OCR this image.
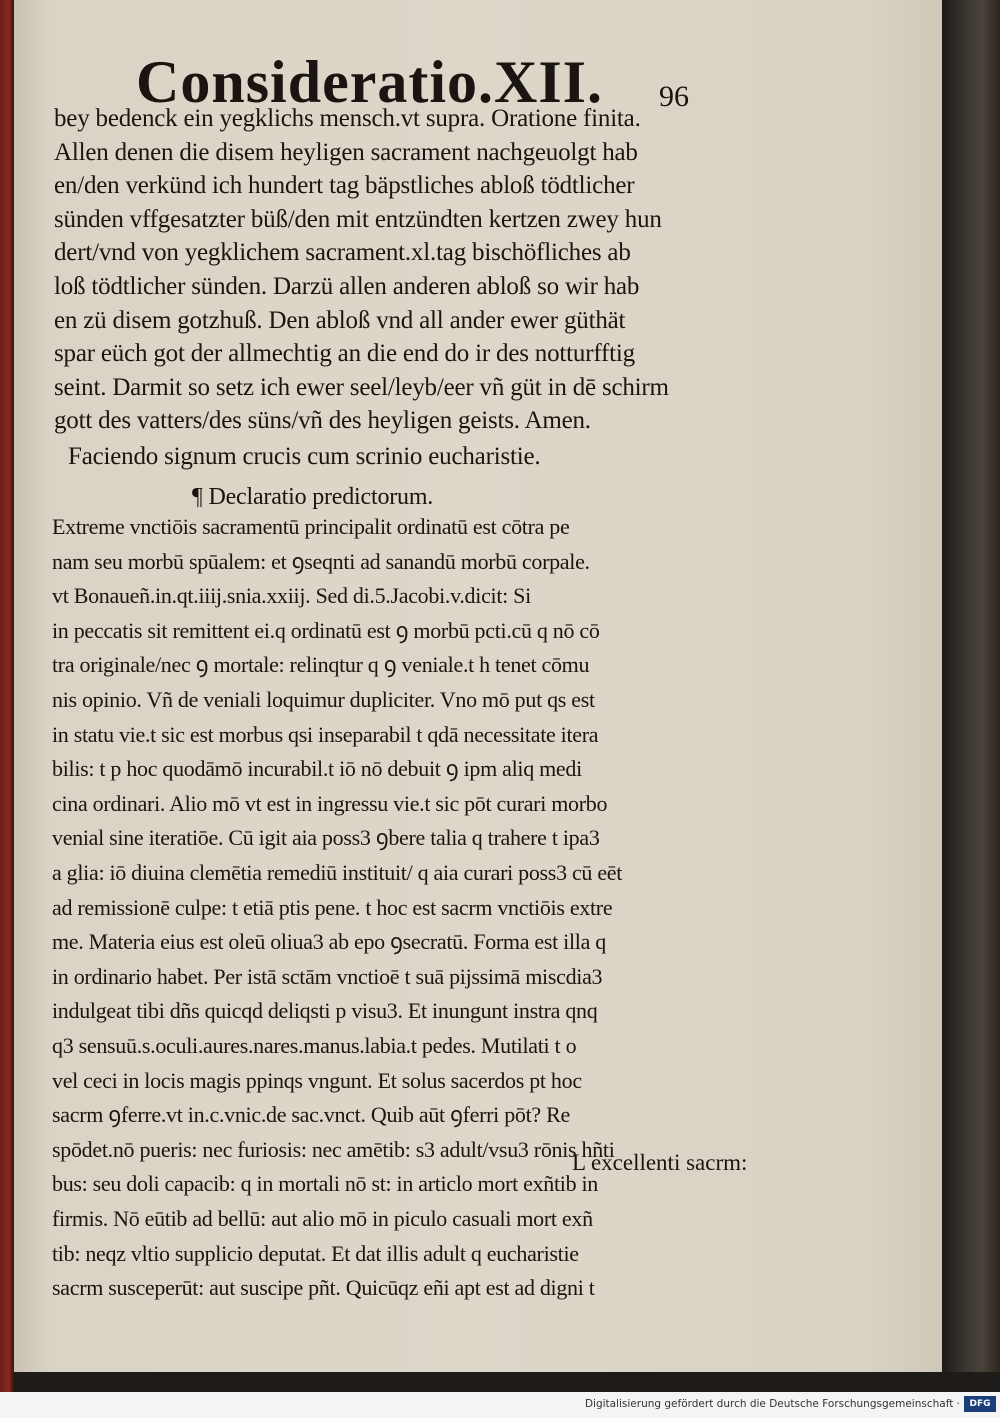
Consideratio.XII. 96
bey bedenck ein yegklichs mensch.vt supra. Oratione finita.
Allen denen die disem heyligen sacrament nachgeuolgt hab
en/den verkünd ich hundert tag bäpstliches abloß tödtlicher
sünden vffgesatzter büß/den mit entzündten kertzen zwey hun
dert/vnd von yegklichem sacrament.xl.tag bischöfliches ab
loß tödtlicher sünden. Darzü allen anderen abloß so wir hab
en zü disem gotzhuß. Den abloß vnd all ander ewer güthät
spar eüch got der allmechtig an die end do ir des notturfftig
seint. Darmit so setz ich ewer seel/leyb/eer vñ güt in dē schirm
gott des vatters/des süns/vñ des heyligen geists. Amen.
Faciendo signum crucis cum scrinio eucharistie.
¶ Declaratio predictorum.
Extreme vnctiōis sacramentū principalit ordinatū est cōtra pe
nam seu morbū spūalem: et ꝯseqnti ad sanandū morbū corpale.
vt Bonaueñ.in.qt.iiij.snia.xxiij. Sed di.5.Jacobi.v.dicit: Si
in peccatis sit remittent ei.q ordinatū est ꝯ morbū pcti.cū q nō cō
tra originale/nec ꝯ mortale: relinqtur q ꝯ veniale.t h tenet cōmu
nis opinio. Vñ de veniali loquimur dupliciter. Vno mō put qs est
in statu vie.t sic est morbus qsi inseparabil t qdā necessitate itera
bilis: t p hoc quodāmō incurabil.t iō nō debuit ꝯ ipm aliq medi
cina ordinari. Alio mō vt est in ingressu vie.t sic pōt curari morbo
venial sine iteratiōe. Cū igit aia poss3 ꝯbere talia q trahere t ipa3
a glia: iō diuina clemētia remediū instituit/ q aia curari poss3 cū eēt
ad remissionē culpe: t etiā ptis pene. t hoc est sacrm vnctiōis extre
me. Materia eius est oleū oliua3 ab epo ꝯsecratū. Forma est illa q
in ordinario habet. Per istā sctām vnctioē t suā pijssimā miscdia3
indulgeat tibi dñs quicqd deliqsti p visu3. Et inungunt instra qnq
q3 sensuū.s.oculi.aures.nares.manus.labia.t pedes. Mutilati t o
vel ceci in locis magis ppinqs vngunt. Et solus sacerdos pt hoc
sacrm ꝯferre.vt in.c.vnic.de sac.vnct. Quib aūt ꝯferri pōt? Re
spōdet.nō pueris: nec furiosis: nec amētib: s3 adult/vsu3 rōnis hñti
bus: seu doli capacib: q in mortali nō st: in articlo mort exñtib in
firmis. Nō eūtib ad bellū: aut alio mō in piculo casuali mort exñ
tib: neqz vltio supplicio deputat. Et dat illis adult q eucharistie
sacrm susceperūt: aut suscipe pñt. Quicūqz eñi apt est ad digni t
L excellenti sacrm:
Digitalisierung gefördert durch die Deutsche Forschungsgemeinschaft ·	DFG
